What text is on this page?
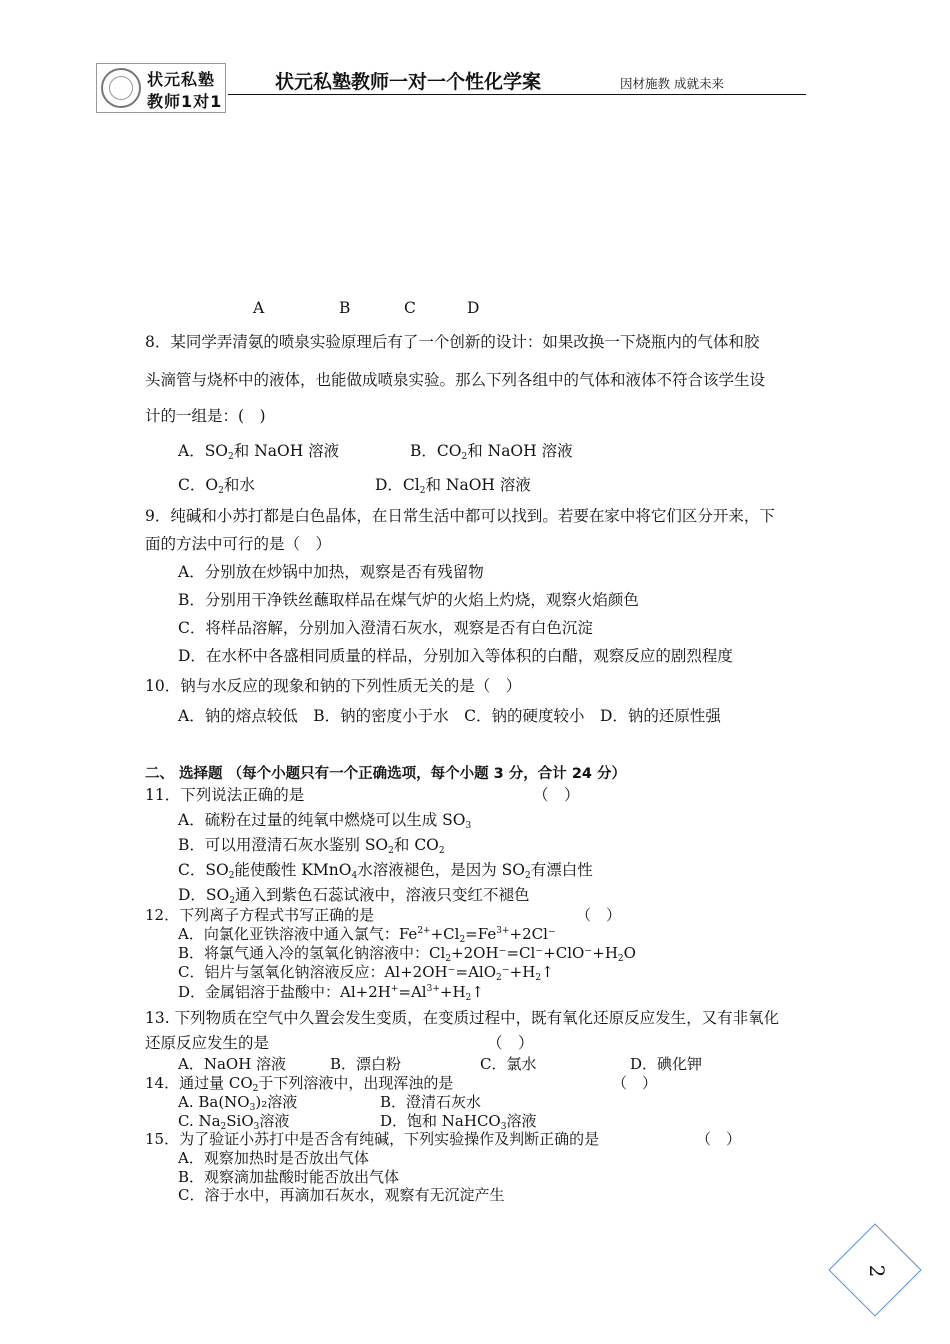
状元私塾
教师1对1
状元私塾教师一对一个性化学案	因材施教 成就未来
A	B	C	D
8．某同学弄清氨的喷泉实验原理后有了一个创新的设计：如果改换一下烧瓶内的气体和胶
头滴管与烧杯中的液体，也能做成喷泉实验。那么下列各组中的气体和液体不符合该学生设
计的一组是：(　)
A．$SO_2$和 NaOH 溶液	B．$CO_2$和 NaOH 溶液
C．$O_2$和水	D．$Cl_2$和 NaOH 溶液
9．纯碱和小苏打都是白色晶体，在日常生活中都可以找到。若要在家中将它们区分开来，下
面的方法中可行的是（　）
A．分别放在炒锅中加热，观察是否有残留物
B．分别用干净铁丝蘸取样品在煤气炉的火焰上灼烧，观察火焰颜色
C．将样品溶解，分别加入澄清石灰水，观察是否有白色沉淀
D．在水杯中各盛相同质量的样品，分别加入等体积的白醋，观察反应的剧烈程度
10．钠与水反应的现象和钠的下列性质无关的是（　）
A．钠的熔点较低　B．钠的密度小于水　C．钠的硬度较小　D．钠的还原性强
二、 选择题 （每个小题只有一个正确选项，每个小题 3 分，合计 24 分）
11．下列说法正确的是	（　）
A．硫粉在过量的纯氧中燃烧可以生成 $SO_3$
B．可以用澄清石灰水鉴别 $SO_2$和 $CO_2$
C．$SO_2$能使酸性 KMnO$_4$水溶液褪色，是因为 $SO_2$有漂白性
D．$SO_2$通入到紫色石蕊试液中，溶液只变红不褪色
12．下列离子方程式书写正确的是	（　）
A．向氯化亚铁溶液中通入氯气：$Fe^{2+}+Cl_2=Fe^{3+}+2Cl^-$
B．将氯气通入冷的氢氧化钠溶液中：$Cl_2+2OH^-=Cl^-+ClO^-+H_2O$
C．铝片与氢氧化钠溶液反应：$Al+2OH^-=AlO_2^-+H_2↑$
D．金属铝溶于盐酸中：$Al+2H^+=Al^{3+}+H_2↑$
13. 下列物质在空气中久置会发生变质，在变质过程中，既有氧化还原反应发生，又有非氧化
还原反应发生的是	（　）
A．NaOH 溶液	B．漂白粉	C．氯水	D．碘化钾
14．通过量 $CO_2$于下列溶液中，出现浑浊的是	（　）
A. $Ba(NO_3)_2$溶液	B．澄清石灰水
C. $Na_2SiO_3$溶液	D．饱和 NaHCO$_3$溶液
15．为了验证小苏打中是否含有纯碱，下列实验操作及判断正确的是	（　）
A．观察加热时是否放出气体
B．观察滴加盐酸时能否放出气体
C．溶于水中，再滴加石灰水，观察有无沉淀产生
2
